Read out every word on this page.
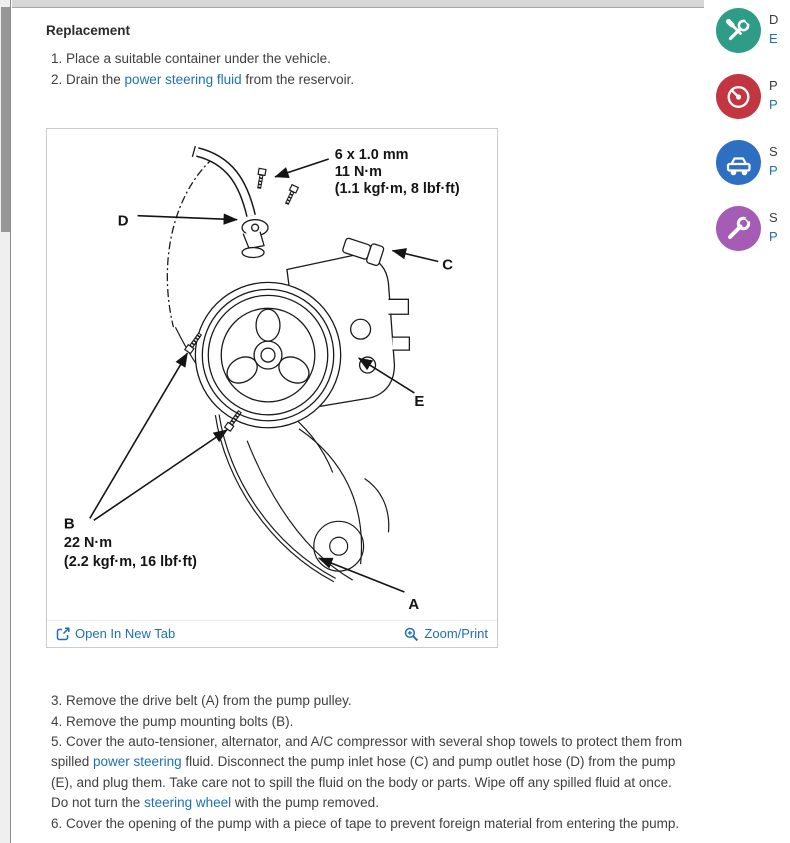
Replacement

1. Place a suitable container under the vehicle.

2. Drain the power steering fluid from the reservoir.

6 x 1.0 mm
11 N·m
(1.1 kgf·m, 8 lbf·ft)
D
C
E
A
B
22 N·m
(2.2 kgf·m, 16 lbf·ft)
Open In New Tab	Zoom/Print

3. Remove the drive belt (A) from the pump pulley.

4. Remove the pump mounting bolts (B).

5. Cover the auto-tensioner, alternator, and A/C compressor with several shop towels to protect them from spilled power steering fluid. Disconnect the pump inlet hose (C) and pump outlet hose (D) from the pump (E), and plug them. Take care not to spill the fluid on the body or parts. Wipe off any spilled fluid at once. Do not turn the steering wheel with the pump removed.

6. Cover the opening of the pump with a piece of tape to prevent foreign material from entering the pump.

D
E
P
P
S
P
S
P
